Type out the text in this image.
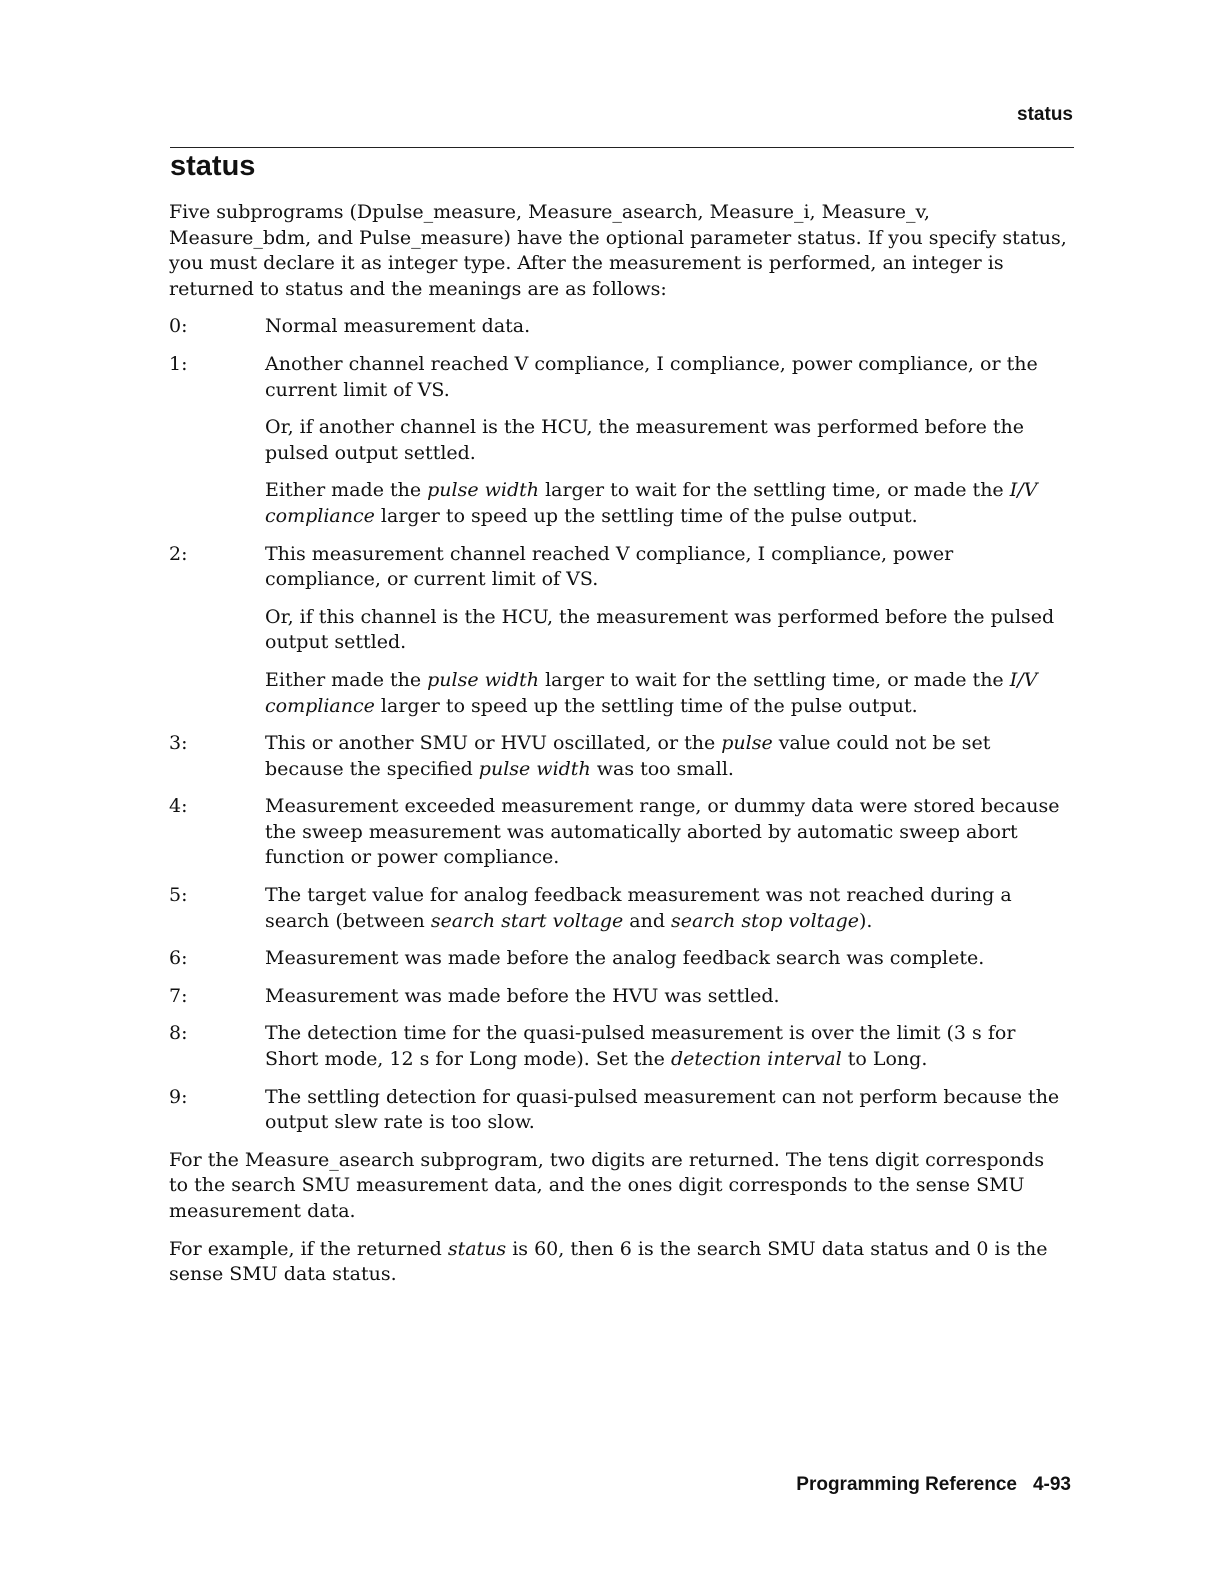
status
status

Five subprograms (Dpulse_measure, Measure_asearch, Measure_i, Measure_v, Measure_bdm, and Pulse_measure) have the optional parameter status. If you specify status, you must declare it as integer type. After the measurement is performed, an integer is returned to status and the meanings are as follows:

0:	Normal measurement data.

1:	Another channel reached V compliance, I compliance, power compliance, or the current limit of VS.

Or, if another channel is the HCU, the measurement was performed before the pulsed output settled.

Either made the pulse width larger to wait for the settling time, or made the I/V compliance larger to speed up the settling time of the pulse output.

2:	This measurement channel reached V compliance, I compliance, power compliance, or current limit of VS.

Or, if this channel is the HCU, the measurement was performed before the pulsed output settled.

Either made the pulse width larger to wait for the settling time, or made the I/V compliance larger to speed up the settling time of the pulse output.

3:	This or another SMU or HVU oscillated, or the pulse value could not be set because the specified pulse width was too small.

4:	Measurement exceeded measurement range, or dummy data were stored because the sweep measurement was automatically aborted by automatic sweep abort function or power compliance.

5:	The target value for analog feedback measurement was not reached during a search (between search start voltage and search stop voltage).

6:	Measurement was made before the analog feedback search was complete.

7:	Measurement was made before the HVU was settled.

8:	The detection time for the quasi-pulsed measurement is over the limit (3 s for Short mode, 12 s for Long mode). Set the detection interval to Long.

9:	The settling detection for quasi-pulsed measurement can not perform because the output slew rate is too slow.

For the Measure_asearch subprogram, two digits are returned. The tens digit corresponds to the search SMU measurement data, and the ones digit corresponds to the sense SMU measurement data.

For example, if the returned status is 60, then 6 is the search SMU data status and 0 is the sense SMU data status.

Programming Reference 4-93
